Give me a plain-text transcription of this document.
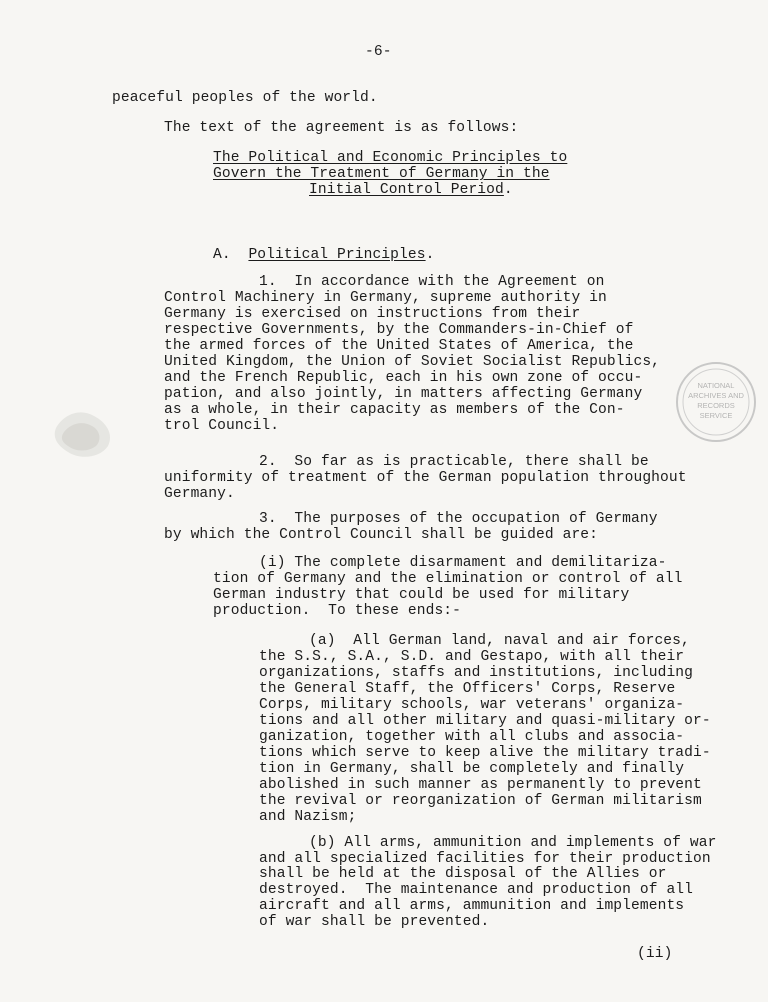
-6-
peaceful peoples of the world.
The text of the agreement is as follows:
The Political and Economic Principles to
Govern the Treatment of Germany in the
Initial Control Period.
A. Political Principles.
1.  In accordance with the Agreement on
Control Machinery in Germany, supreme authority in
Germany is exercised on instructions from their
respective Governments, by the Commanders-in-Chief of
the armed forces of the United States of America, the
United Kingdom, the Union of Soviet Socialist Republics,
and the French Republic, each in his own zone of occu-
pation, and also jointly, in matters affecting Germany
as a whole, in their capacity as members of the Con-
trol Council.
2.  So far as is practicable, there shall be
uniformity of treatment of the German population throughout
Germany.
3.  The purposes of the occupation of Germany
by which the Control Council shall be guided are:
(i) The complete disarmament and demilitariza-
tion of Germany and the elimination or control of all
German industry that could be used for military
production.  To these ends:-
(a)  All German land, naval and air forces,
the S.S., S.A., S.D. and Gestapo, with all their
organizations, staffs and institutions, including
the General Staff, the Officers' Corps, Reserve
Corps, military schools, war veterans' organiza-
tions and all other military and quasi-military or-
ganization, together with all clubs and associa-
tions which serve to keep alive the military tradi-
tion in Germany, shall be completely and finally
abolished in such manner as permanently to prevent
the revival or reorganization of German militarism
and Nazism;
(b) All arms, ammunition and implements of war
and all specialized facilities for their production
shall be held at the disposal of the Allies or
destroyed.  The maintenance and production of all
aircraft and all arms, ammunition and implements
of war shall be prevented.
(ii)
NATIONAL
ARCHIVES AND
RECORDS
SERVICE
